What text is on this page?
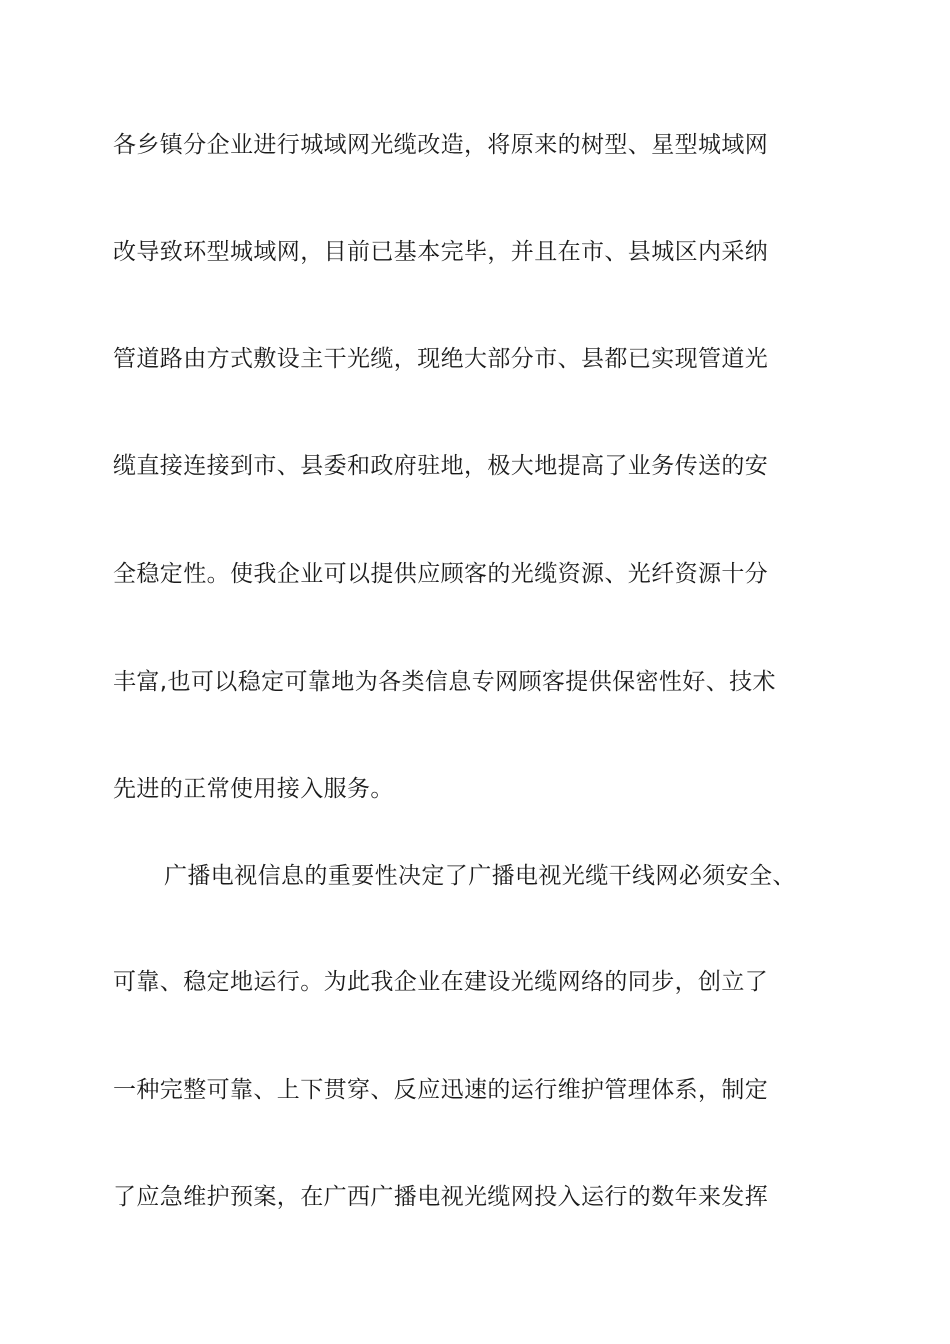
各乡镇分企业进行城域网光缆改造，将原来的树型、星型城域网
改导致环型城域网，目前已基本完毕，并且在市、县城区内采纳
管道路由方式敷设主干光缆，现绝大部分市、县都已实现管道光
缆直接连接到市、县委和政府驻地，极大地提高了业务传送的安
全稳定性。使我企业可以提供应顾客的光缆资源、光纤资源十分
丰富,也可以稳定可靠地为各类信息专网顾客提供保密性好、技术
先进的正常使用接入服务。
广播电视信息的重要性决定了广播电视光缆干线网必须安全、
可靠、稳定地运行。为此我企业在建设光缆网络的同步，创立了
一种完整可靠、上下贯穿、反应迅速的运行维护管理体系，制定
了应急维护预案，在广西广播电视光缆网投入运行的数年来发挥
